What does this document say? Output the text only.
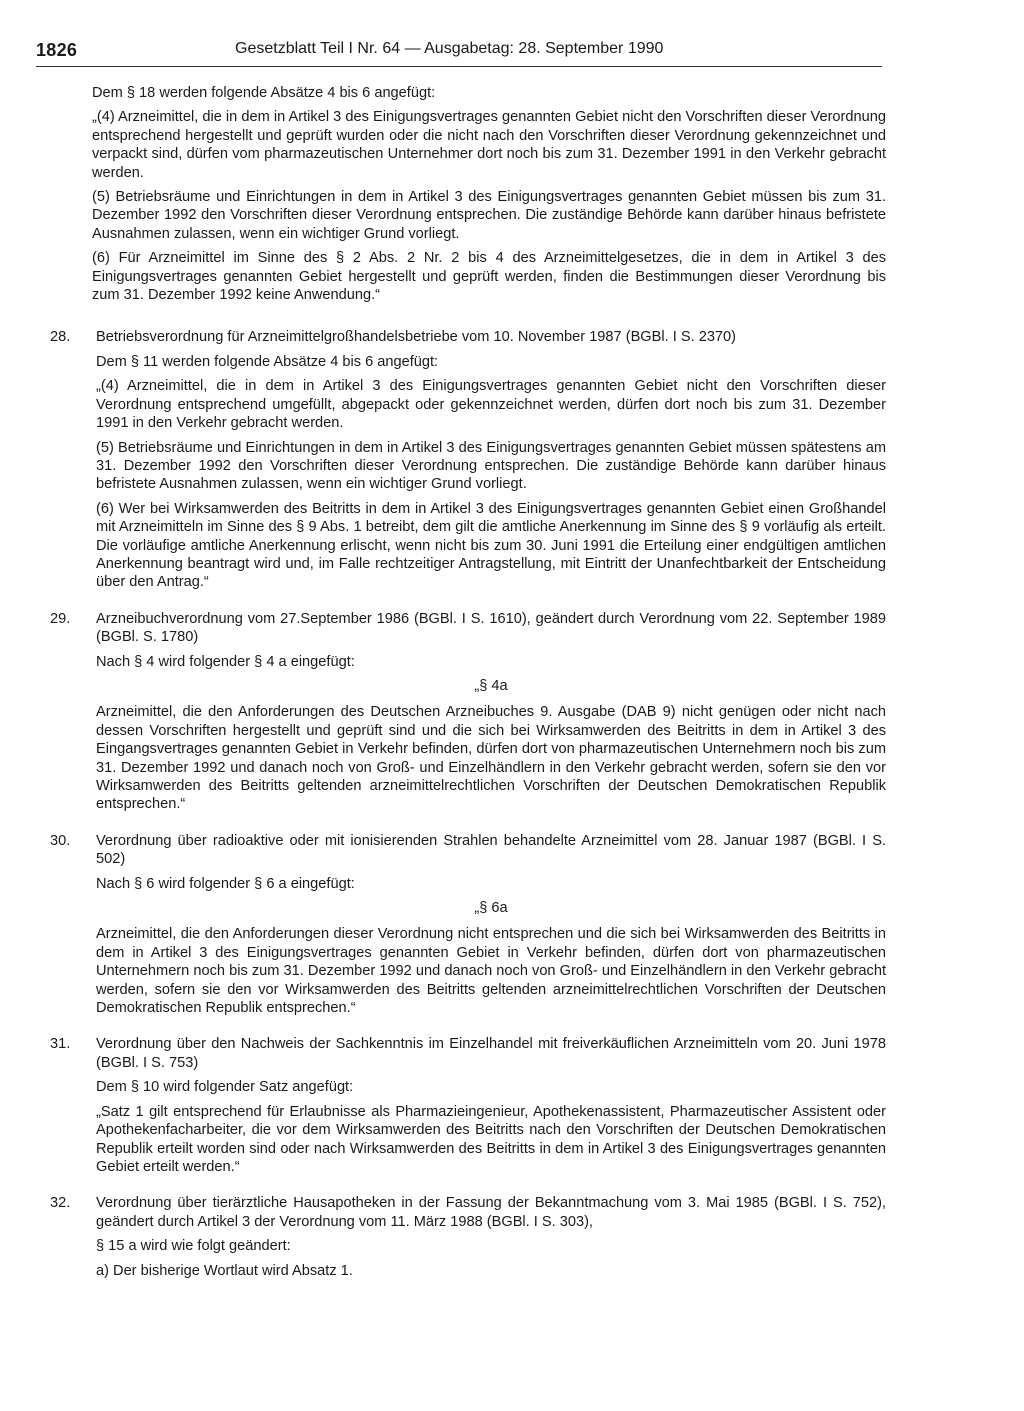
1826	Gesetzblatt Teil I Nr. 64 — Ausgabetag: 28. September 1990
Dem § 18 werden folgende Absätze 4 bis 6 angefügt:
„(4) Arzneimittel, die in dem in Artikel 3 des Einigungsvertrages genannten Gebiet nicht den Vorschriften dieser Verordnung entsprechend hergestellt und geprüft wurden oder die nicht nach den Vorschriften dieser Verordnung gekennzeichnet und verpackt sind, dürfen vom pharmazeutischen Unternehmer dort noch bis zum 31. Dezember 1991 in den Verkehr gebracht werden.
(5) Betriebsräume und Einrichtungen in dem in Artikel 3 des Einigungsvertrages genannten Gebiet müssen bis zum 31. Dezember 1992 den Vorschriften dieser Verordnung entsprechen. Die zuständige Behörde kann darüber hinaus befristete Ausnahmen zulassen, wenn ein wichtiger Grund vorliegt.
(6) Für Arzneimittel im Sinne des § 2 Abs. 2 Nr. 2 bis 4 des Arzneimittelgesetzes, die in dem in Artikel 3 des Einigungsvertrages genannten Gebiet hergestellt und geprüft werden, finden die Bestimmungen dieser Verordnung bis zum 31. Dezember 1992 keine Anwendung.“
28.	Betriebsverordnung für Arzneimittelgroßhandelsbetriebe vom 10. November 1987 (BGBl. I S. 2370)
Dem § 11 werden folgende Absätze 4 bis 6 angefügt:
„(4) Arzneimittel, die in dem in Artikel 3 des Einigungsvertrages genannten Gebiet nicht den Vorschriften dieser Verordnung entsprechend umgefüllt, abgepackt oder gekennzeichnet werden, dürfen dort noch bis zum 31. Dezember 1991 in den Verkehr gebracht werden.
(5) Betriebsräume und Einrichtungen in dem in Artikel 3 des Einigungsvertrages genannten Gebiet müssen spätestens am 31. Dezember 1992 den Vorschriften dieser Verordnung entsprechen. Die zuständige Behörde kann darüber hinaus befristete Ausnahmen zulassen, wenn ein wichtiger Grund vorliegt.
(6) Wer bei Wirksamwerden des Beitritts in dem in Artikel 3 des Einigungsvertrages genannten Gebiet einen Großhandel mit Arzneimitteln im Sinne des § 9 Abs. 1 betreibt, dem gilt die amtliche Anerkennung im Sinne des § 9 vorläufig als erteilt. Die vorläufige amtliche Anerkennung erlischt, wenn nicht bis zum 30. Juni 1991 die Erteilung einer endgültigen amtlichen Anerkennung beantragt wird und, im Falle rechtzeitiger Antragstellung, mit Eintritt der Unanfechtbarkeit der Entscheidung über den Antrag.“
29.	Arzneibuchverordnung vom 27.September 1986 (BGBl. I S. 1610), geändert durch Verordnung vom 22. September 1989 (BGBl. S. 1780)
Nach § 4 wird folgender § 4 a eingefügt:
„§ 4a
Arzneimittel, die den Anforderungen des Deutschen Arzneibuches 9. Ausgabe (DAB 9) nicht genügen oder nicht nach dessen Vorschriften hergestellt und geprüft sind und die sich bei Wirksamwerden des Beitritts in dem in Artikel 3 des Eingangsvertrages genannten Gebiet in Verkehr befinden, dürfen dort von pharmazeutischen Unternehmern noch bis zum 31. Dezember 1992 und danach noch von Groß- und Einzelhändlern in den Verkehr gebracht werden, sofern sie den vor Wirksamwerden des Beitritts geltenden arzneimittelrechtlichen Vorschriften der Deutschen Demokratischen Republik entsprechen.“
30.	Verordnung über radioaktive oder mit ionisierenden Strahlen behandelte Arzneimittel vom 28. Januar 1987 (BGBl. I S. 502)
Nach § 6 wird folgender § 6 a eingefügt:
„§ 6a
Arzneimittel, die den Anforderungen dieser Verordnung nicht entsprechen und die sich bei Wirksamwerden des Beitritts in dem in Artikel 3 des Einigungsvertrages genannten Gebiet in Verkehr befinden, dürfen dort von pharmazeutischen Unternehmern noch bis zum 31. Dezember 1992 und danach noch von Groß- und Einzelhändlern in den Verkehr gebracht werden, sofern sie den vor Wirksamwerden des Beitritts geltenden arzneimittelrechtlichen Vorschriften der Deutschen Demokratischen Republik entsprechen.“
31.	Verordnung über den Nachweis der Sachkenntnis im Einzelhandel mit freiverkäuflichen Arzneimitteln vom 20. Juni 1978 (BGBl. I S. 753)
Dem § 10 wird folgender Satz angefügt:
„Satz 1 gilt entsprechend für Erlaubnisse als Pharmazieingenieur, Apothekenassistent, Pharmazeutischer Assistent oder Apothekenfacharbeiter, die vor dem Wirksamwerden des Beitritts nach den Vorschriften der Deutschen Demokratischen Republik erteilt worden sind oder nach Wirksamwerden des Beitritts in dem in Artikel 3 des Einigungsvertrages genannten Gebiet erteilt werden.“
32.	Verordnung über tierärztliche Hausapotheken in der Fassung der Bekanntmachung vom 3. Mai 1985 (BGBl. I S. 752), geändert durch Artikel 3 der Verordnung vom 11. März 1988 (BGBl. I S. 303),
§ 15 a wird wie folgt geändert:
a) Der bisherige Wortlaut wird Absatz 1.
